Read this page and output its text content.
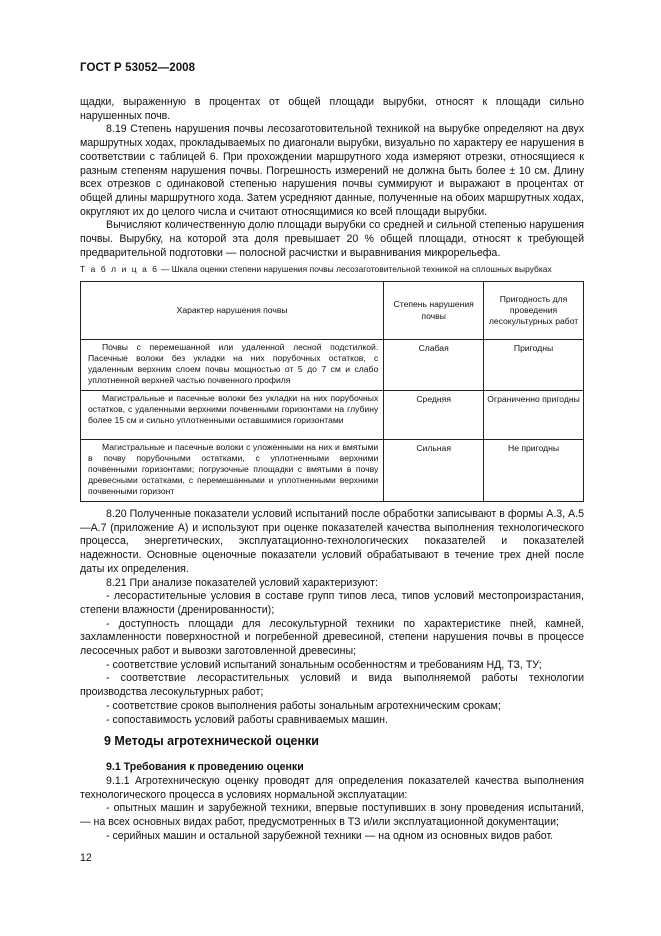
ГОСТ Р 53052—2008

щадки, выраженную в процентах от общей площади вырубки, относят к площади сильно нарушенных почв.

8.19 Степень нарушения почвы лесозаготовительной техникой на вырубке определяют на двух маршрутных ходах, прокладываемых по диагонали вырубки, визуально по характеру ее нарушения в соответствии с таблицей 6. При прохождении маршрутного хода измеряют отрезки, относящиеся к разным степеням нарушения почвы. Погрешность измерений не должна быть более ± 10 см. Длину всех отрезков с одинаковой степенью нарушения почвы суммируют и выражают в процентах от общей длины маршрутного хода. Затем усредняют данные, полученные на обоих маршрутных ходах, округляют их до целого числа и считают относящимися ко всей площади вырубки.

Вычисляют количественную долю площади вырубки со средней и сильной степенью нарушения почвы. Вырубку, на которой эта доля превышает 20 % общей площади, относят к требующей предварительной подготовки — полосной расчистки и выравнивания микрорельефа.

Т а б л и ц а 6 — Шкала оценки степени нарушения почвы лесозаготовительной техникой на сплошных вырубках
Характер нарушения почвы	Степень нарушения почвы	Пригодность для проведения лесокультурных работ
Почвы с перемешанной или удаленной лесной подстилкой. Пасечные волоки без укладки на них порубочных остатков, с удаленным верхним слоем почвы мощностью от 5 до 7 см и слабо уплотненной верхней частью почвенного профиля	Слабая	Пригодны
Магистральные и пасечные волоки без укладки на них порубочных остатков, с удаленными верхними почвенными горизонтами на глубину более 15 см и сильно уплотненными оставшимися горизонтами	Средняя	Ограниченно пригодны
Магистральные и пасечные волоки с уложенными на них и вмятыми в почву порубочными остатками, с уплотненными верхними почвенными горизонтами; погрузочные площадки с вмятыми в почву древесными остатками, с перемешанными и уплотненными верхними почвенными горизонт	Сильная	Не пригодны

8.20 Полученные показатели условий испытаний после обработки записывают в формы А.3, А.5—А.7 (приложение А) и используют при оценке показателей качества выполнения технологического процесса, энергетических, эксплуатационно-технологических показателей и показателей надежности. Основные оценочные показатели условий обрабатывают в течение трех дней после даты их определения.

8.21 При анализе показателей условий характеризуют:

- лесорастительные условия в составе групп типов леса, типов условий местопроизрастания, степени влажности (дренированности);

- доступность площади для лесокультурной техники по характеристике пней, камней, захламленности поверхностной и погребенной древесиной, степени нарушения почвы в процессе лесосечных работ и вывозки заготовленной древесины;

- соответствие условий испытаний зональным особенностям и требованиям НД, ТЗ, ТУ;

- соответствие лесорастительных условий и вида выполняемой работы технологии производства лесокультурных работ;

- соответствие сроков выполнения работы зональным агротехническим срокам;

- сопоставимость условий работы сравниваемых машин.

9 Методы агротехнической оценки
9.1 Требования к проведению оценки

9.1.1 Агротехническую оценку проводят для определения показателей качества выполнения технологического процесса в условиях нормальной эксплуатации:

- опытных машин и зарубежной техники, впервые поступивших в зону проведения испытаний, — на всех основных видах работ, предусмотренных в ТЗ и/или эксплуатационной документации;

- серийных машин и остальной зарубежной техники — на одном из основных видов работ.

12
